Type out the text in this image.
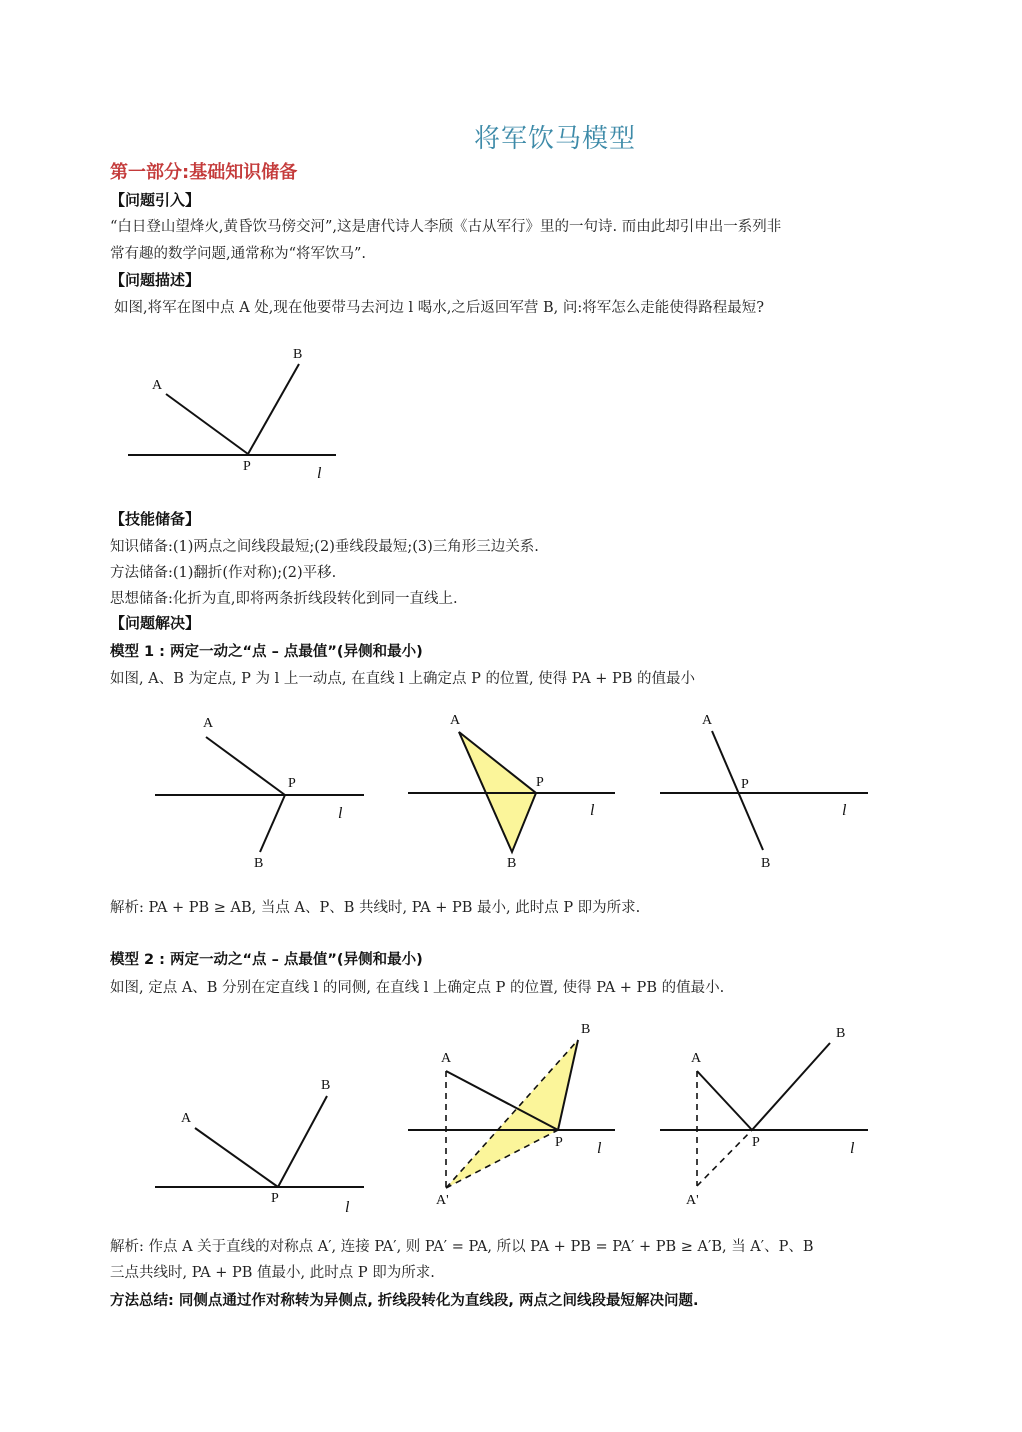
将军饮马模型
第一部分:基础知识储备
【问题引入】
“白日登山望烽火,黄昏饮马傍交河”,这是唐代诗人李颀《古从军行》里的一句诗. 而由此却引申出一系列非
常有趣的数学问题,通常称为“将军饮马”.
【问题描述】
如图,将军在图中点 A 处,现在他要带马去河边 l 喝水,之后返回军营 B, 问:将军怎么走能使得路程最短?
A
B
P	l
【技能储备】
知识储备:(1)两点之间线段最短;(2)垂线段最短;(3)三角形三边关系.
方法储备:(1)翻折(作对称);(2)平移.
思想储备:化折为直,即将两条折线段转化到同一直线上.
【问题解决】
模型 1 : 两定一动之“点 – 点最值”(异侧和最小)
如图, A、B 为定点, P 为 l 上一动点, 在直线 l 上确定点 P 的位置, 使得 PA + PB 的值最小
A
P
B
l
A
P
B
l
A
P
B
l
解析: PA + PB ≥ AB, 当点 A、P、B 共线时, PA + PB 最小, 此时点 P 即为所求.
模型 2 : 两定一动之“点 – 点最值”(异侧和最小)
如图, 定点 A、B 分别在定直线 l 的同侧, 在直线 l 上确定点 P 的位置, 使得 PA + PB 的值最小.
A
B
P
l
A
B
P l
A'
A
B
P	l
A'
解析: 作点 A 关于直线的对称点 A′, 连接 PA′, 则 PA′ = PA, 所以 PA + PB = PA′ + PB ≥ A′B, 当 A′、P、B
三点共线时, PA + PB 值最小, 此时点 P 即为所求.
方法总结: 同侧点通过作对称转为异侧点, 折线段转化为直线段, 两点之间线段最短解决问题.
